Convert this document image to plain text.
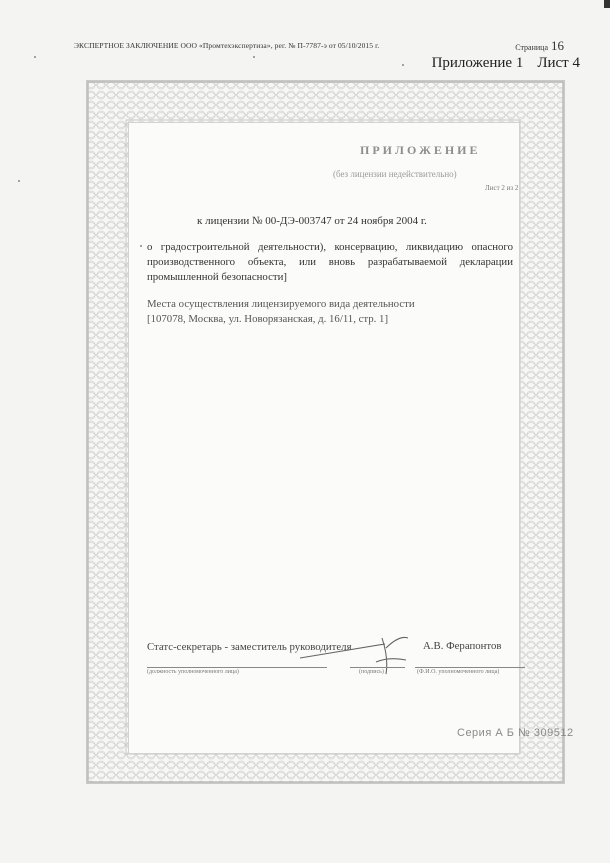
ЭКСПЕРТНОЕ ЗАКЛЮЧЕНИЕ ООО «Промтехэкспертиза», рег. № П-7787-э от 05/10/2015 г.	Страница 16
Приложение 1 Лист 4
ПРИЛОЖЕНИЕ
(без лицензии недействительно)
Лист 2 из 2
к лицензии № 00-ДЭ-003747 от 24 ноября 2004 г.
о градостроительной деятельности), консервацию, ликвидацию опасного производственного объекта, или вновь разрабатываемой декларации промышленной безопасности]
Места осуществления лицензируемого вида деятельности
[107078, Москва, ул. Новорязанская, д. 16/11, стр. 1]
Статс-секретарь - заместитель руководителя	А.В. Ферапонтов
(должность уполномоченного лица)	(подпись)	(Ф.И.О. уполномоченного лица)
Серия А Б № 309512
